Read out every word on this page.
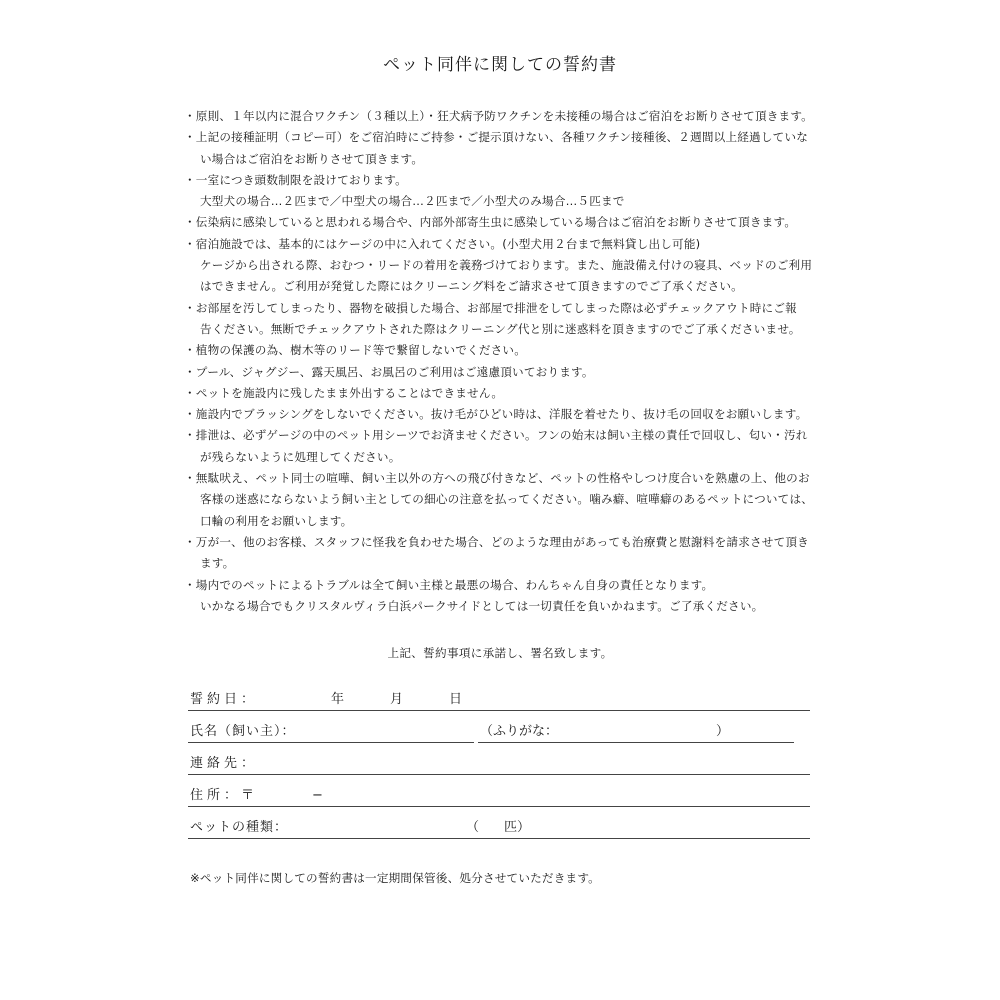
ペット同伴に関しての誓約書
・原則、１年以内に混合ワクチン（３種以上）・狂犬病予防ワクチンを未接種の場合はご宿泊をお断りさせて頂きます。
・上記の接種証明（コピー可）をご宿泊時にご持参・ご提示頂けない、各種ワクチン接種後、２週間以上経過していな
い場合はご宿泊をお断りさせて頂きます。
・一室につき頭数制限を設けております。
大型犬の場合…２匹まで／中型犬の場合…２匹まで／小型犬のみ場合…５匹まで
・伝染病に感染していると思われる場合や、内部外部寄生虫に感染している場合はご宿泊をお断りさせて頂きます。
・宿泊施設では、基本的にはケージの中に入れてください。(小型犬用２台まで無料貸し出し可能)
ケージから出される際、おむつ・リードの着用を義務づけております。また、施設備え付けの寝具、ベッドのご利用
はできません。ご利用が発覚した際にはクリーニング料をご請求させて頂きますのでご了承ください。
・お部屋を汚してしまったり、器物を破損した場合、お部屋で排泄をしてしまった際は必ずチェックアウト時にご報
告ください。無断でチェックアウトされた際はクリーニング代と別に迷惑料を頂きますのでご了承くださいませ。
・植物の保護の為、樹木等のリード等で繋留しないでください。
・プール、ジャグジー、露天風呂、お風呂のご利用はご遠慮頂いております。
・ペットを施設内に残したまま外出することはできません。
・施設内でブラッシングをしないでください。抜け毛がひどい時は、洋服を着せたり、抜け毛の回収をお願いします。
・排泄は、必ずゲージの中のペット用シーツでお済ませください。フンの始末は飼い主様の責任で回収し、匂い・汚れ
が残らないように処理してください。
・無駄吠え、ペット同士の喧嘩、飼い主以外の方への飛び付きなど、ペットの性格やしつけ度合いを熟慮の上、他のお
客様の迷惑にならないよう飼い主としての細心の注意を払ってください。噛み癖、喧嘩癖のあるペットについては、
口輪の利用をお願いします。
・万が一、他のお客様、スタッフに怪我を負わせた場合、どのような理由があっても治療費と慰謝料を請求させて頂き
ます。
・場内でのペットによるトラブルは全て飼い主様と最悪の場合、わんちゃん自身の責任となります。
いかなる場合でもクリスタルヴィラ白浜パークサイドとしては一切責任を負いかねます。ご了承ください。
上記、誓約事項に承諾し、署名致します。
誓約日：	年	月	日
氏名（飼い主）：	（ふりがな：	）
連絡先：
住所：〒	−
ペットの種類：	（ 匹）
※ペット同伴に関しての誓約書は一定期間保管後、処分させていただきます。
